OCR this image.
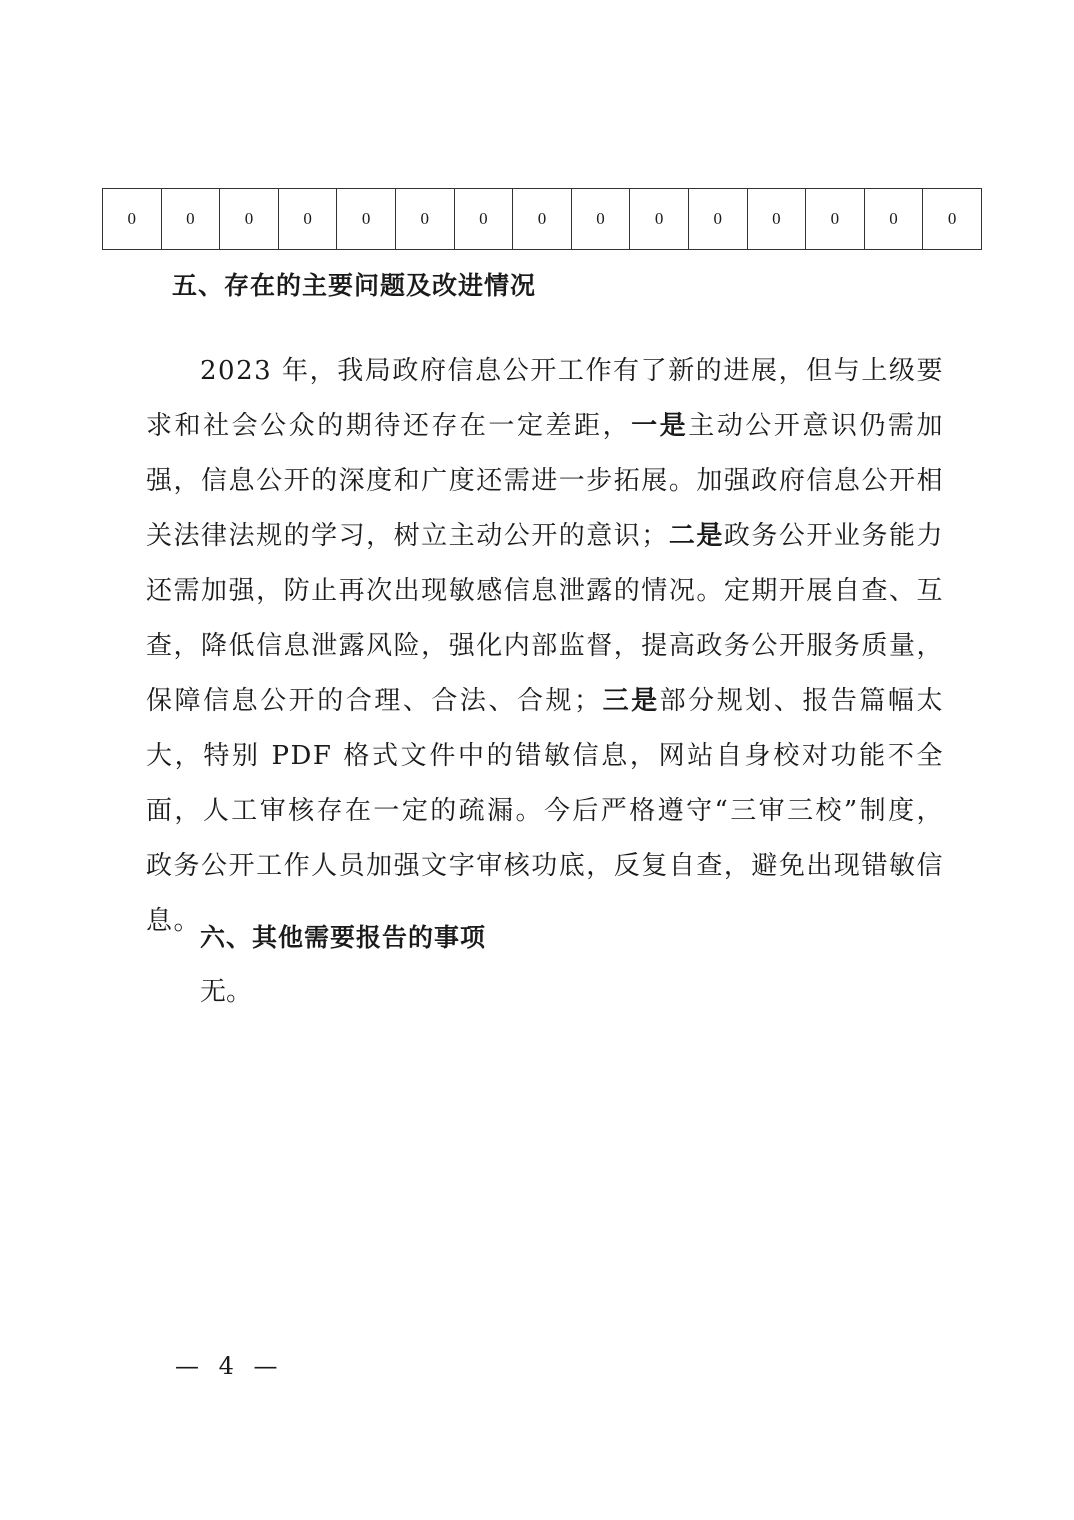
0	0	0	0	0	0	0	0	0	0	0	0	0	0	0
五、存在的主要问题及改进情况

2023 年，我局政府信息公开工作有了新的进展，但与上级要求和社会公众的期待还存在一定差距，一是主动公开意识仍需加强，信息公开的深度和广度还需进一步拓展。加强政府信息公开相关法律法规的学习，树立主动公开的意识；二是政务公开业务能力还需加强，防止再次出现敏感信息泄露的情况。定期开展自查、互查，降低信息泄露风险，强化内部监督，提高政务公开服务质量，保障信息公开的合理、合法、合规；三是部分规划、报告篇幅太大，特别 PDF 格式文件中的错敏信息，网站自身校对功能不全面，人工审核存在一定的疏漏。今后严格遵守“三审三校”制度，政务公开工作人员加强文字审核功底，反复自查，避免出现错敏信息。

六、其他需要报告的事项
无。
— 4 —
